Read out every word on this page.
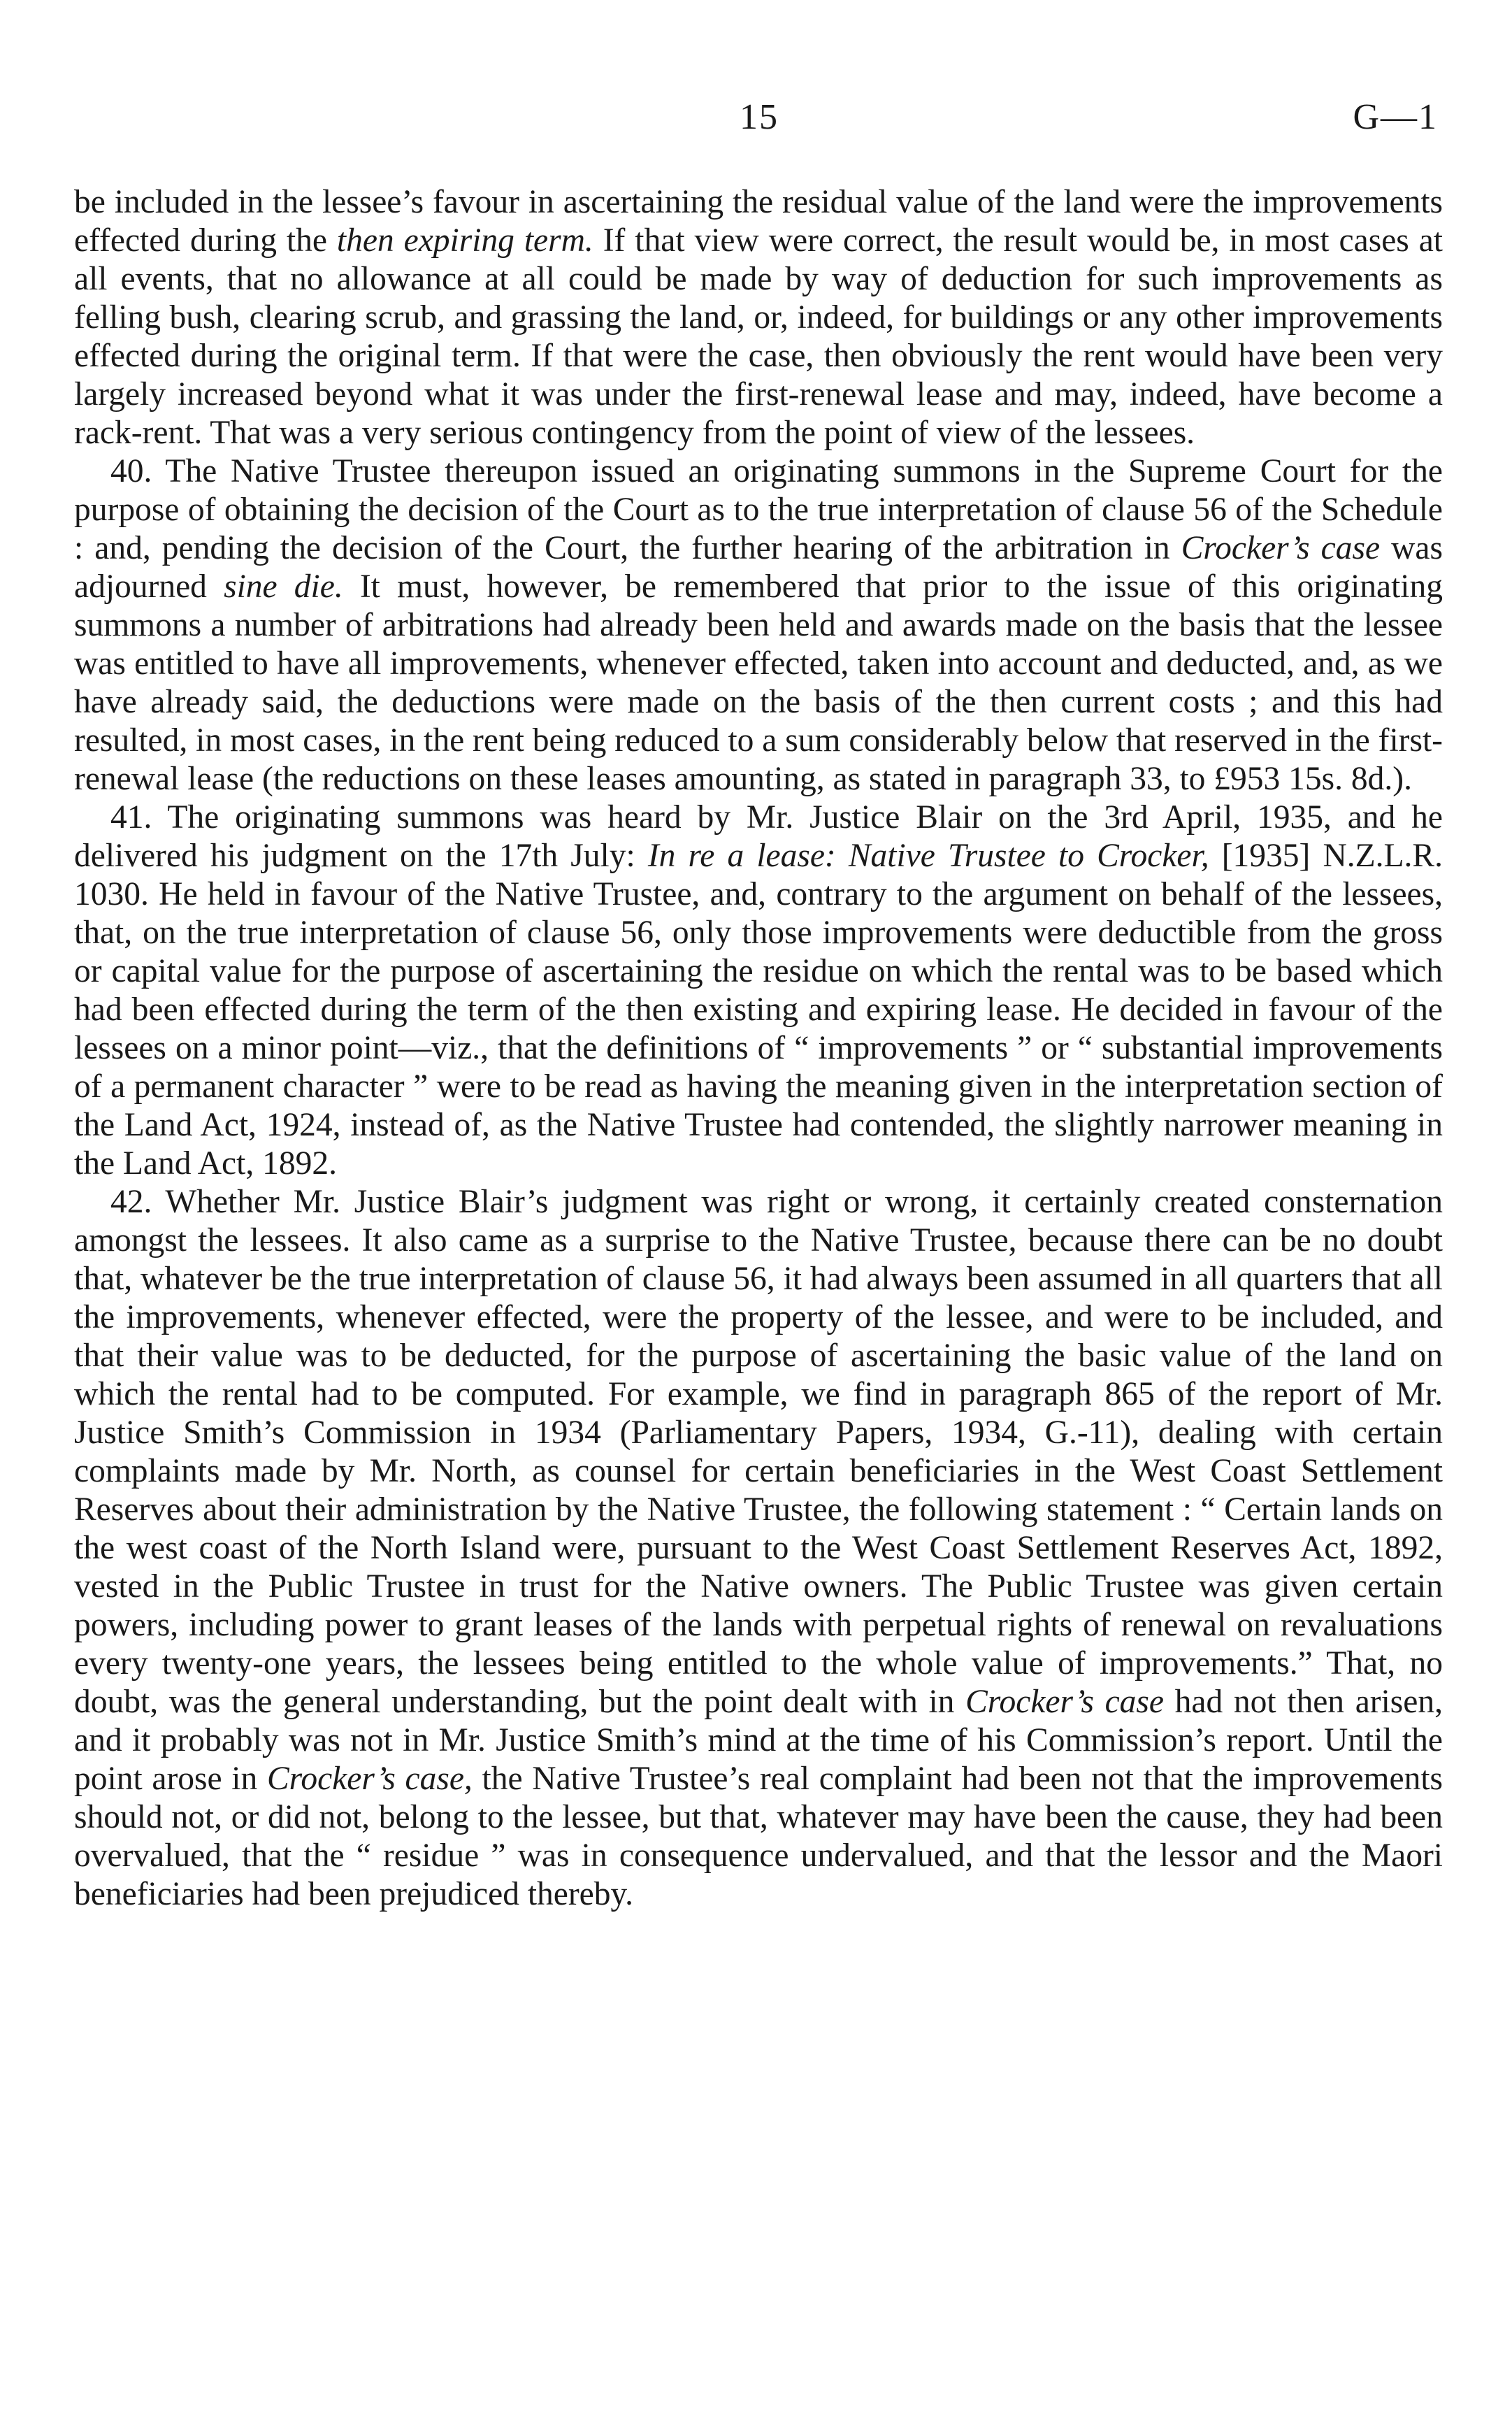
15	G—1

be included in the lessee’s favour in ascertaining the residual value of the land were the improvements effected during the then expiring term. If that view were correct, the result would be, in most cases at all events, that no allowance at all could be made by way of deduction for such improvements as felling bush, clearing scrub, and grassing the land, or, indeed, for buildings or any other improvements effected during the original term. If that were the case, then obviously the rent would have been very largely increased beyond what it was under the first-renewal lease and may, indeed, have become a rack-rent. That was a very serious contingency from the point of view of the lessees.

40. The Native Trustee thereupon issued an originating summons in the Supreme Court for the purpose of obtaining the decision of the Court as to the true interpretation of clause 56 of the Schedule : and, pending the decision of the Court, the further hearing of the arbitration in Crocker’s case was adjourned sine die. It must, however, be remembered that prior to the issue of this originating summons a number of arbitrations had already been held and awards made on the basis that the lessee was entitled to have all improvements, whenever effected, taken into account and deducted, and, as we have already said, the deductions were made on the basis of the then current costs ; and this had resulted, in most cases, in the rent being reduced to a sum considerably below that reserved in the first-renewal lease (the reductions on these leases amounting, as stated in paragraph 33, to £953 15s. 8d.).

41. The originating summons was heard by Mr. Justice Blair on the 3rd April, 1935, and he delivered his judgment on the 17th July: In re a lease: Native Trustee to Crocker, [1935] N.Z.L.R. 1030. He held in favour of the Native Trustee, and, contrary to the argument on behalf of the lessees, that, on the true interpretation of clause 56, only those improvements were deductible from the gross or capital value for the purpose of ascertaining the residue on which the rental was to be based which had been effected during the term of the then existing and expiring lease. He decided in favour of the lessees on a minor point—viz., that the definitions of “ improvements ” or “ substantial improvements of a permanent character ” were to be read as having the meaning given in the interpretation section of the Land Act, 1924, instead of, as the Native Trustee had contended, the slightly narrower meaning in the Land Act, 1892.

42. Whether Mr. Justice Blair’s judgment was right or wrong, it certainly created consternation amongst the lessees. It also came as a surprise to the Native Trustee, because there can be no doubt that, whatever be the true interpretation of clause 56, it had always been assumed in all quarters that all the improvements, whenever effected, were the property of the lessee, and were to be included, and that their value was to be deducted, for the purpose of ascertaining the basic value of the land on which the rental had to be computed. For example, we find in paragraph 865 of the report of Mr. Justice Smith’s Commission in 1934 (Parliamentary Papers, 1934, G.-11), dealing with certain complaints made by Mr. North, as counsel for certain beneficiaries in the West Coast Settlement Reserves about their administration by the Native Trustee, the following statement : “ Certain lands on the west coast of the North Island were, pursuant to the West Coast Settlement Reserves Act, 1892, vested in the Public Trustee in trust for the Native owners. The Public Trustee was given certain powers, including power to grant leases of the lands with perpetual rights of renewal on revaluations every twenty-one years, the lessees being entitled to the whole value of improvements.” That, no doubt, was the general understanding, but the point dealt with in Crocker’s case had not then arisen, and it probably was not in Mr. Justice Smith’s mind at the time of his Commission’s report. Until the point arose in Crocker’s case, the Native Trustee’s real complaint had been not that the improvements should not, or did not, belong to the lessee, but that, whatever may have been the cause, they had been overvalued, that the “ residue ” was in consequence undervalued, and that the lessor and the Maori beneficiaries had been prejudiced thereby.
